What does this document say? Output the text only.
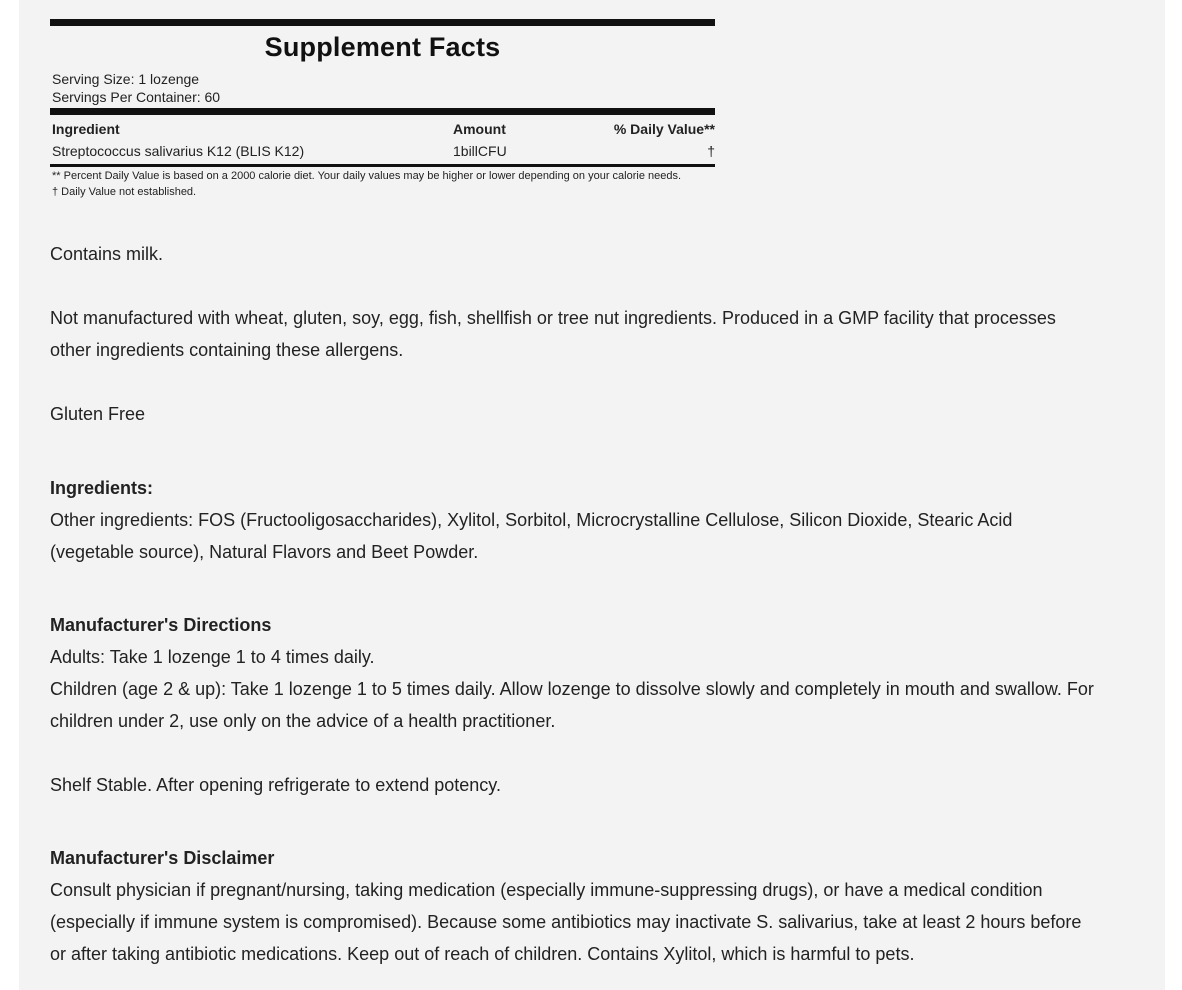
Supplement Facts
Serving Size: 1 lozenge
Servings Per Container: 60
Ingredient	Amount	% Daily Value**
Streptococcus salivarius K12 (BLIS K12)	1billCFU	†
** Percent Daily Value is based on a 2000 calorie diet. Your daily values may be higher or lower depending on your calorie needs.
† Daily Value not established.
Contains milk.
Not manufactured with wheat, gluten, soy, egg, fish, shellfish or tree nut ingredients. Produced in a GMP facility that processes
other ingredients containing these allergens.
Gluten Free
Ingredients:
Other ingredients: FOS (Fructooligosaccharides), Xylitol, Sorbitol, Microcrystalline Cellulose, Silicon Dioxide, Stearic Acid
(vegetable source), Natural Flavors and Beet Powder.
Manufacturer's Directions
Adults: Take 1 lozenge 1 to 4 times daily.
Children (age 2 & up): Take 1 lozenge 1 to 5 times daily. Allow lozenge to dissolve slowly and completely in mouth and swallow. For
children under 2, use only on the advice of a health practitioner.
Shelf Stable. After opening refrigerate to extend potency.
Manufacturer's Disclaimer
Consult physician if pregnant/nursing, taking medication (especially immune-suppressing drugs), or have a medical condition
(especially if immune system is compromised). Because some antibiotics may inactivate S. salivarius, take at least 2 hours before
or after taking antibiotic medications. Keep out of reach of children. Contains Xylitol, which is harmful to pets.
